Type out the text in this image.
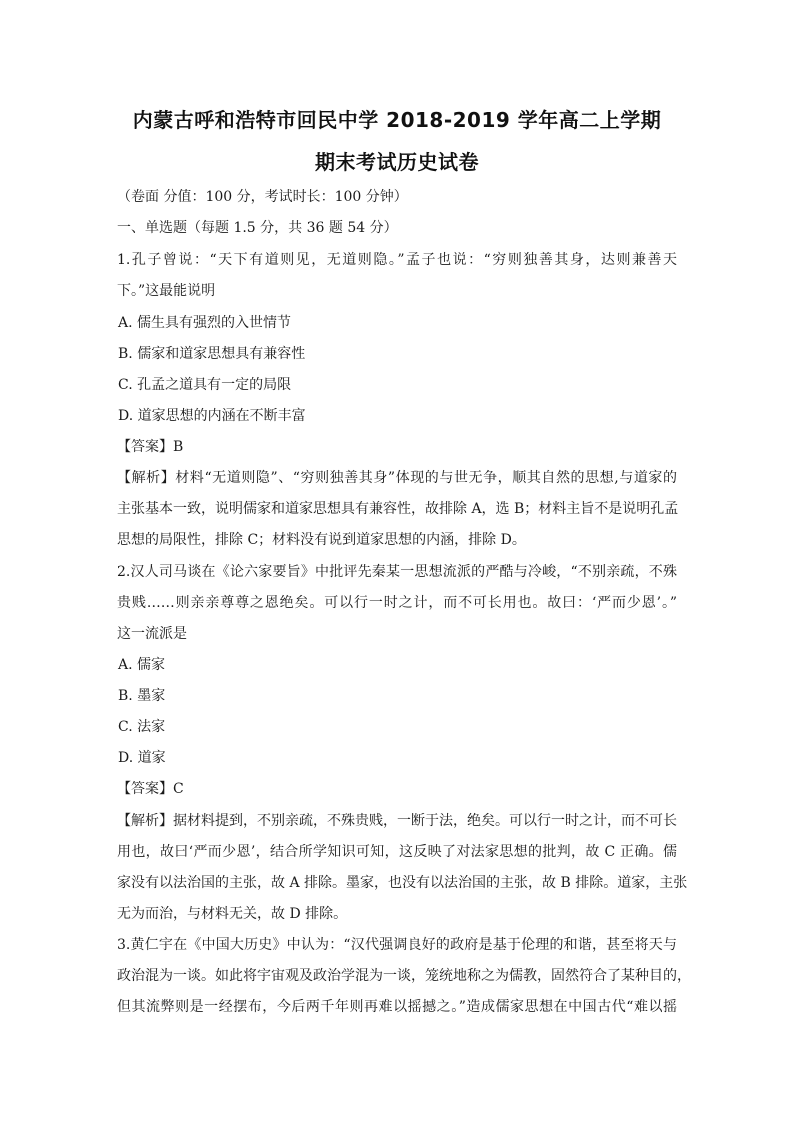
内蒙古呼和浩特市回民中学 2018-2019 学年高二上学期
期末考试历史试卷
（卷面 分值：100 分，考试时长：100 分钟）
一、单选题（每题 1.5 分，共 36 题 54 分）
1.孔子曾说：“天下有道则见，无道则隐。”孟子也说：“穷则独善其身，达则兼善天
下。”这最能说明
A. 儒生具有强烈的入世情节
B. 儒家和道家思想具有兼容性
C. 孔孟之道具有一定的局限
D. 道家思想的内涵在不断丰富
【答案】B
【解析】材料“无道则隐”、“穷则独善其身”体现的与世无争，顺其自然的思想,与道家的
主张基本一致，说明儒家和道家思想具有兼容性，故排除 A，选 B；材料主旨不是说明孔孟
思想的局限性，排除 C；材料没有说到道家思想的内涵，排除 D。
2.汉人司马谈在《论六家要旨》中批评先秦某一思想流派的严酷与冷峻，“不别亲疏，不殊
贵贱……则亲亲尊尊之恩绝矣。可以行一时之计，而不可长用也。故曰：‘严而少恩’。”
这一流派是
A. 儒家
B. 墨家
C. 法家
D. 道家
【答案】C
【解析】据材料提到，不别亲疏，不殊贵贱，一断于法，绝矣。可以行一时之计，而不可长
用也，故曰‘严而少恩’，结合所学知识可知，这反映了对法家思想的批判，故 C 正确。儒
家没有以法治国的主张，故 A 排除。墨家，也没有以法治国的主张，故 B 排除。道家，主张
无为而治，与材料无关，故 D 排除。
3.黄仁宇在《中国大历史》中认为：“汉代强调良好的政府是基于伦理的和谐，甚至将天与
政治混为一谈。如此将宇宙观及政治学混为一谈，笼统地称之为儒教，固然符合了某种目的，
但其流弊则是一经摆布，今后两千年则再难以摇撼之。”造成儒家思想在中国古代“难以摇
